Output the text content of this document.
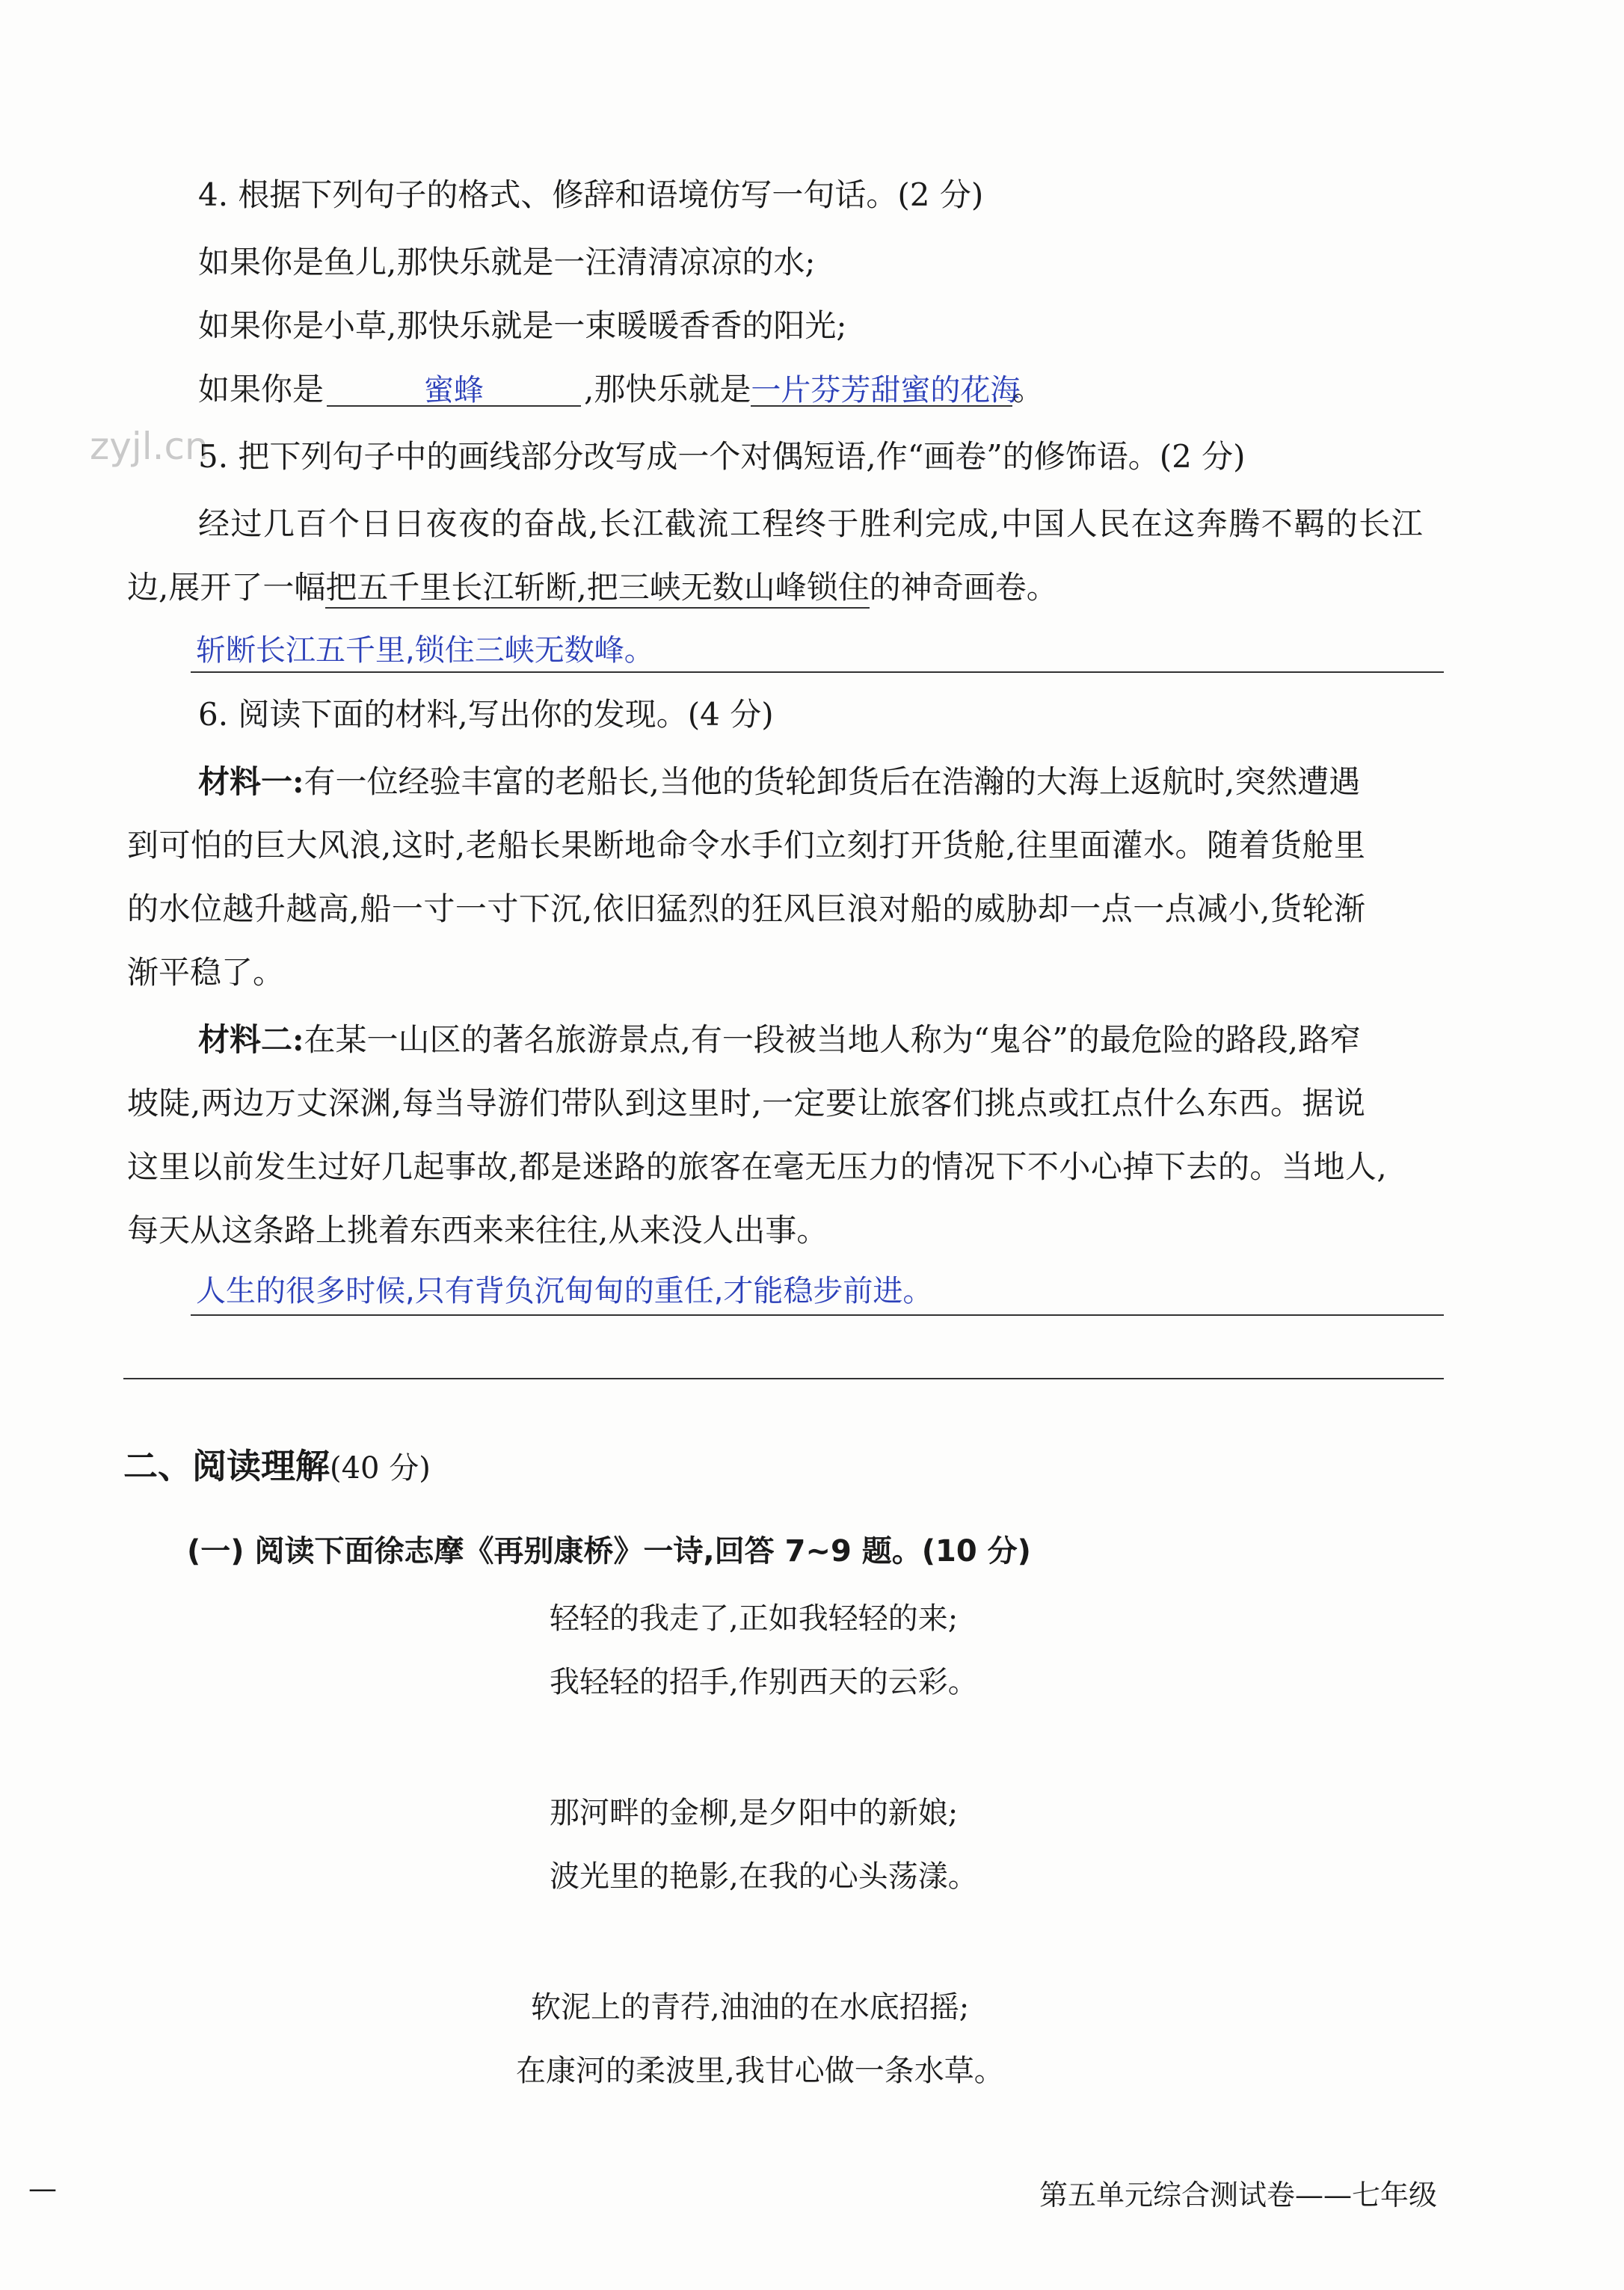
4. 根据下列句子的格式、修辞和语境仿写一句话。(2 分)
如果你是鱼儿,那快乐就是一汪清清凉凉的水;
如果你是小草,那快乐就是一束暖暖香香的阳光;
如果你是	蜜蜂	,那快乐就是一片芬芳甜蜜的花海。
zyjl.cn
5. 把下列句子中的画线部分改写成一个对偶短语,作“画卷”的修饰语。(2 分)
经过几百个日日夜夜的奋战,长江截流工程终于胜利完成,中国人民在这奔腾不羁的长江
边,展开了一幅把五千里长江斩断,把三峡无数山峰锁住的神奇画卷。
斩断长江五千里,锁住三峡无数峰。
6. 阅读下面的材料,写出你的发现。(4 分)
材料一:有一位经验丰富的老船长,当他的货轮卸货后在浩瀚的大海上返航时,突然遭遇
到可怕的巨大风浪,这时,老船长果断地命令水手们立刻打开货舱,往里面灌水。随着货舱里
的水位越升越高,船一寸一寸下沉,依旧猛烈的狂风巨浪对船的威胁却一点一点减小,货轮渐
渐平稳了。
材料二:在某一山区的著名旅游景点,有一段被当地人称为“鬼谷”的最危险的路段,路窄
坡陡,两边万丈深渊,每当导游们带队到这里时,一定要让旅客们挑点或扛点什么东西。据说
这里以前发生过好几起事故,都是迷路的旅客在毫无压力的情况下不小心掉下去的。当地人,
每天从这条路上挑着东西来来往往,从来没人出事。
人生的很多时候,只有背负沉甸甸的重任,才能稳步前进。
二、阅读理解(40 分)
(一) 阅读下面徐志摩《再别康桥》一诗,回答 7~9 题。(10 分)
轻轻的我走了,正如我轻轻的来;
我轻轻的招手,作别西天的云彩。
那河畔的金柳,是夕阳中的新娘;
波光里的艳影,在我的心头荡漾。
软泥上的青荇,油油的在水底招摇;
在康河的柔波里,我甘心做一条水草。
—	第五单元综合测试卷——七年级
